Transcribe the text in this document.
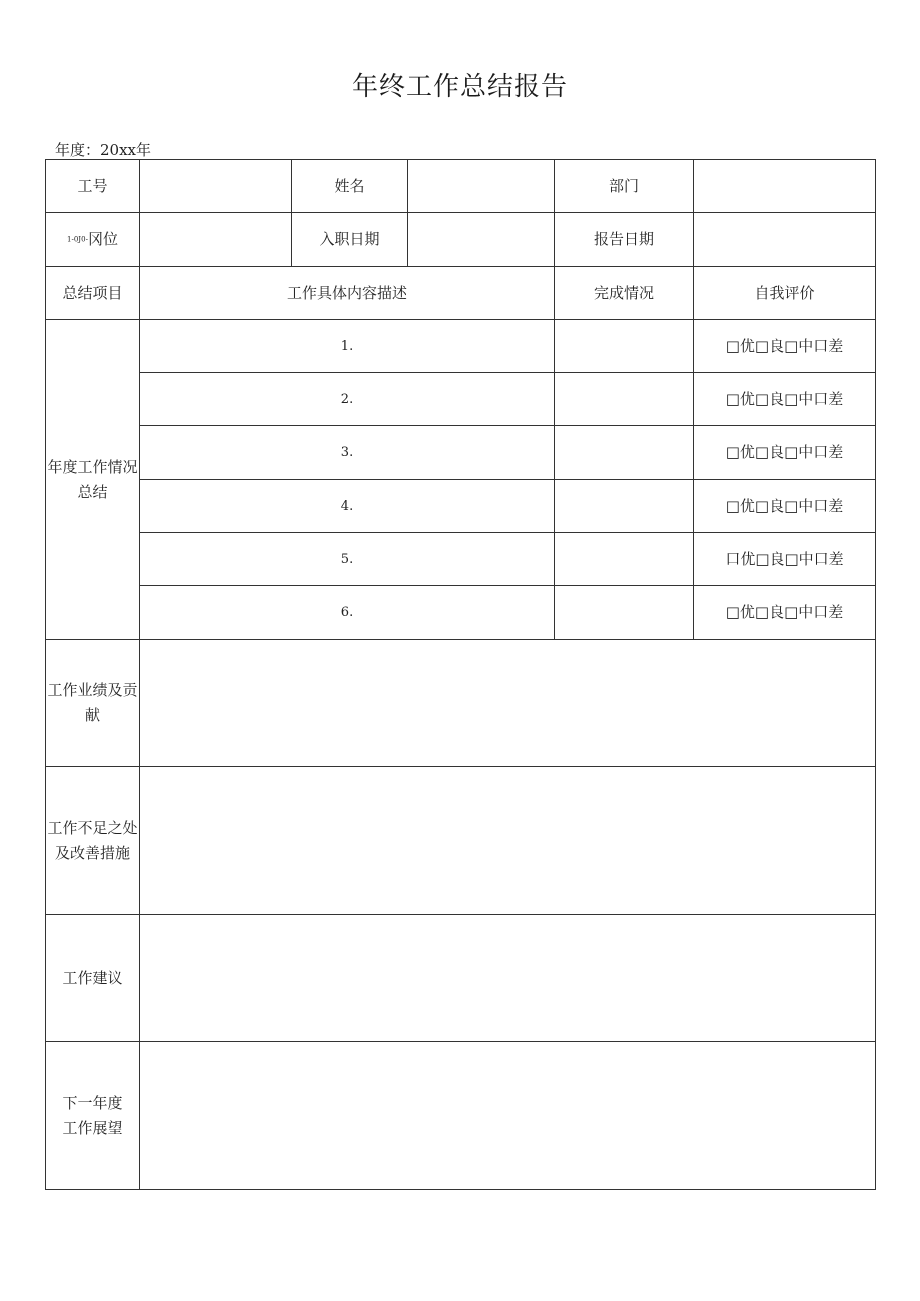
年终工作总结报告
年度：20xx年
工号		姓名		部门	
1-0J0-冈位		入职日期		报告日期	
总结项目	工作具体内容描述			完成情况	自我评价
年度工作情况总结	1.				□优□良□中口差
	2.				□优□良□中口差
	3.				□优□良□中口差
	4.				□优□良□中口差
	5.				口优□良□中口差
	6.				□优□良□中口差
工作业绩及贡献					
工作不足之处及改善措施					
工作建议					
下一年度工作展望					
